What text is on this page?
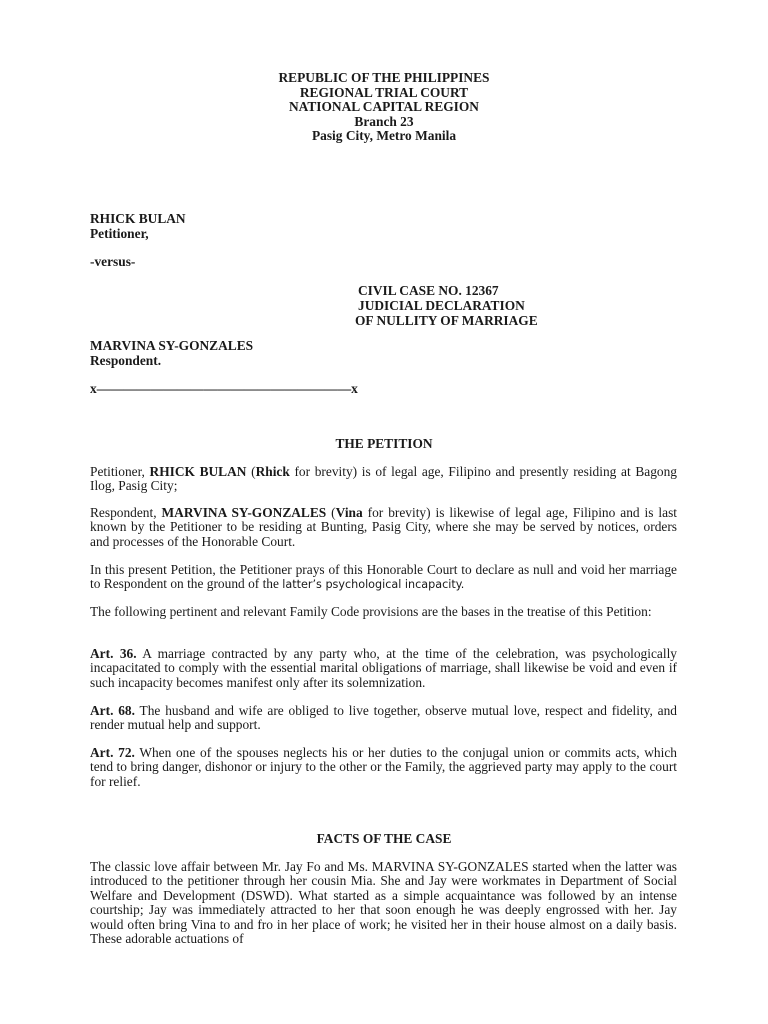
REPUBLIC OF THE PHILIPPINES
REGIONAL TRIAL COURT
NATIONAL CAPITAL REGION
Branch 23
Pasig City, Metro Manila
RHICK BULAN
Petitioner,
-versus-
CIVIL CASE NO. 12367
JUDICIAL DECLARATION
OF NULLITY OF MARRIAGE
MARVINA SY-GONZALES
Respondent.
x———————————————————x
THE PETITION

Petitioner, RHICK BULAN (Rhick for brevity) is of legal age, Filipino and presently residing at Bagong Ilog, Pasig City;

Respondent, MARVINA SY-GONZALES (Vina for brevity) is likewise of legal age, Filipino and is last known by the Petitioner to be residing at Bunting, Pasig City, where she may be served by notices, orders and processes of the Honorable Court.

In this present Petition, the Petitioner prays of this Honorable Court to declare as null and void her marriage to Respondent on the ground of the latter’s psychological incapacity.

The following pertinent and relevant Family Code provisions are the bases in the treatise of this Petition:

Art. 36. A marriage contracted by any party who, at the time of the celebration, was psychologically incapacitated to comply with the essential marital obligations of marriage, shall likewise be void and even if such incapacity becomes manifest only after its solemnization.

Art. 68. The husband and wife are obliged to live together, observe mutual love, respect and fidelity, and render mutual help and support.

Art. 72. When one of the spouses neglects his or her duties to the conjugal union or commits acts, which tend to bring danger, dishonor or injury to the other or the Family, the aggrieved party may apply to the court for relief.

FACTS OF THE CASE

The classic love affair between Mr. Jay Fo and Ms. MARVINA SY-GONZALES started when the latter was introduced to the petitioner through her cousin Mia. She and Jay were workmates in Department of Social Welfare and Development (DSWD). What started as a simple acquaintance was followed by an intense courtship; Jay was immediately attracted to her that soon enough he was deeply engrossed with her. Jay would often bring Vina to and fro in her place of work; he visited her in their house almost on a daily basis. These adorable actuations of
